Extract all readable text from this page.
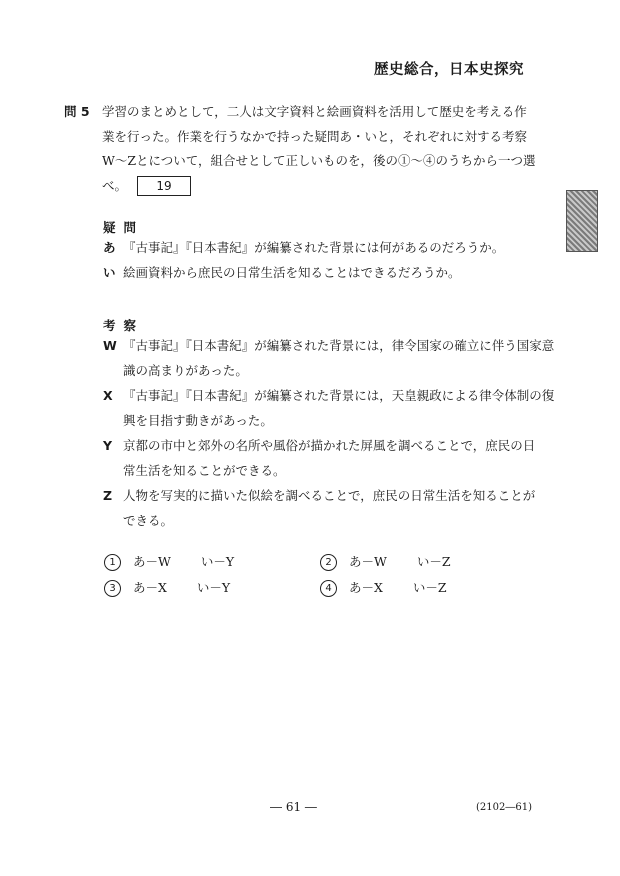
歴史総合，日本史探究
問 5 学習のまとめとして，二人は文字資料と絵画資料を活用して歴史を考える作
業を行った。作業を行うなかで持った疑問あ・いと，それぞれに対する考察
W～Zとについて，組合せとして正しいものを，後の①～④のうちから一つ選
べ。 19
疑問
あ 『古事記』『日本書紀』が編纂された背景には何があるのだろうか。
い 絵画資料から庶民の日常生活を知ることはできるだろうか。
考察
W 『古事記』『日本書紀』が編纂された背景には，律令国家の確立に伴う国家意
識の高まりがあった。
X 『古事記』『日本書紀』が編纂された背景には，天皇親政による律令体制の復
興を目指す動きがあった。
Y 京都の市中と郊外の名所や風俗が描かれた屏風を調べることで，庶民の日
常生活を知ることができる。
Z 人物を写実的に描いた似絵を調べることで，庶民の日常生活を知ることが
できる。
1 あ－W い－Y	2 あ－W い－Z
3 あ－X い－Y	4 あ－X い－Z
― 61 ―	(2102―61)
